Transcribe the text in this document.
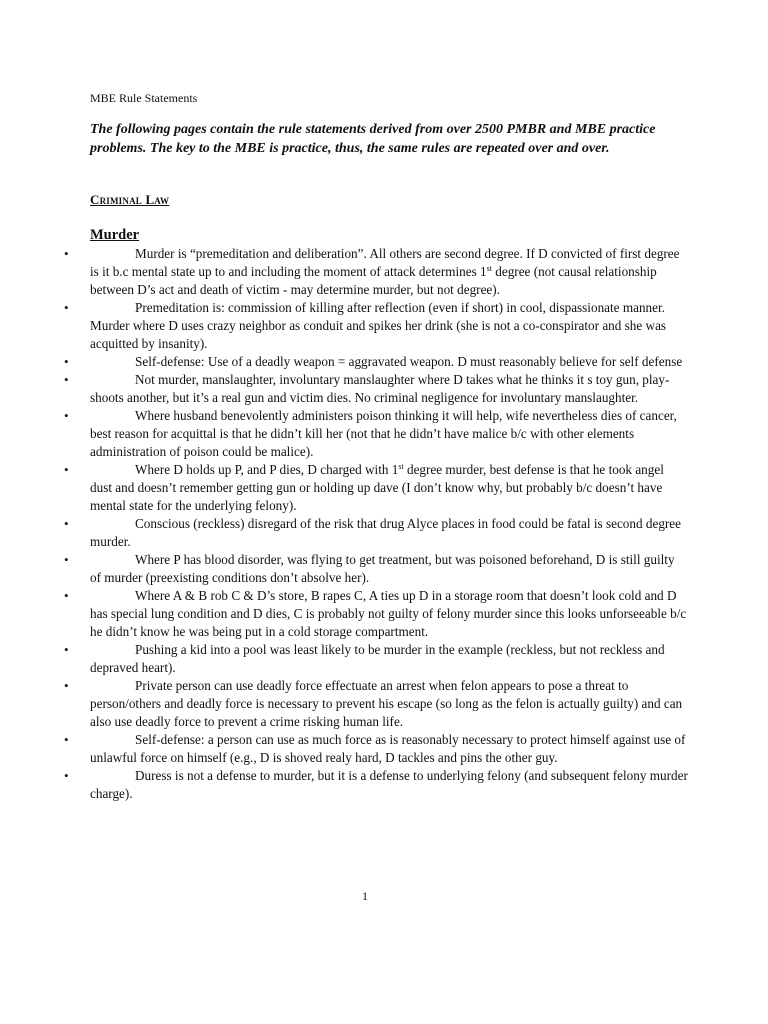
MBE Rule Statements
The following pages contain the rule statements derived from over 2500 PMBR and MBE practice problems. The key to the MBE is practice, thus, the same rules are repeated over and over.
Criminal Law
Murder
•	Murder is “premeditation and deliberation”. All others are second degree. If D convicted of first degree is it b.c mental state up to and including the moment of attack determines 1st degree (not causal relationship between D’s act and death of victim - may determine murder, but not degree).
•	Premeditation is: commission of killing after reflection (even if short) in cool, dispassionate manner. Murder where D uses crazy neighbor as conduit and spikes her drink (she is not a co-conspirator and she was acquitted by insanity).
•	Self-defense: Use of a deadly weapon = aggravated weapon. D must reasonably believe for self defense
•	Not murder, manslaughter, involuntary manslaughter where D takes what he thinks it s toy gun, play-shoots another, but it’s a real gun and victim dies. No criminal negligence for involuntary manslaughter.
•	Where husband benevolently administers poison thinking it will help, wife nevertheless dies of cancer, best reason for acquittal is that he didn’t kill her (not that he didn’t have malice b/c with other elements administration of poison could be malice).
•	Where D holds up P, and P dies, D charged with 1st degree murder, best defense is that he took angel dust and doesn’t remember getting gun or holding up dave (I don’t know why, but probably b/c doesn’t have mental state for the underlying felony).
•	Conscious (reckless) disregard of the risk that drug Alyce places in food could be fatal is second degree murder.
•	Where P has blood disorder, was flying to get treatment, but was poisoned beforehand, D is still guilty of murder (preexisting conditions don’t absolve her).
•	Where A & B rob C & D’s store, B rapes C, A ties up D in a storage room that doesn’t look cold and D has special lung condition and D dies, C is probably not guilty of felony murder since this looks unforseeable b/c he didn’t know he was being put in a cold storage compartment.
•	Pushing a kid into a pool was least likely to be murder in the example (reckless, but not reckless and depraved heart).
•	Private person can use deadly force effectuate an arrest when felon appears to pose a threat to person/others and deadly force is necessary to prevent his escape (so long as the felon is actually guilty) and can also use deadly force to prevent a crime risking human life.
•	Self-defense: a person can use as much force as is reasonably necessary to protect himself against use of unlawful force on himself (e.g., D is shoved realy hard, D tackles and pins the other guy.
•	Duress is not a defense to murder, but it is a defense to underlying felony (and subsequent felony murder charge).
1
